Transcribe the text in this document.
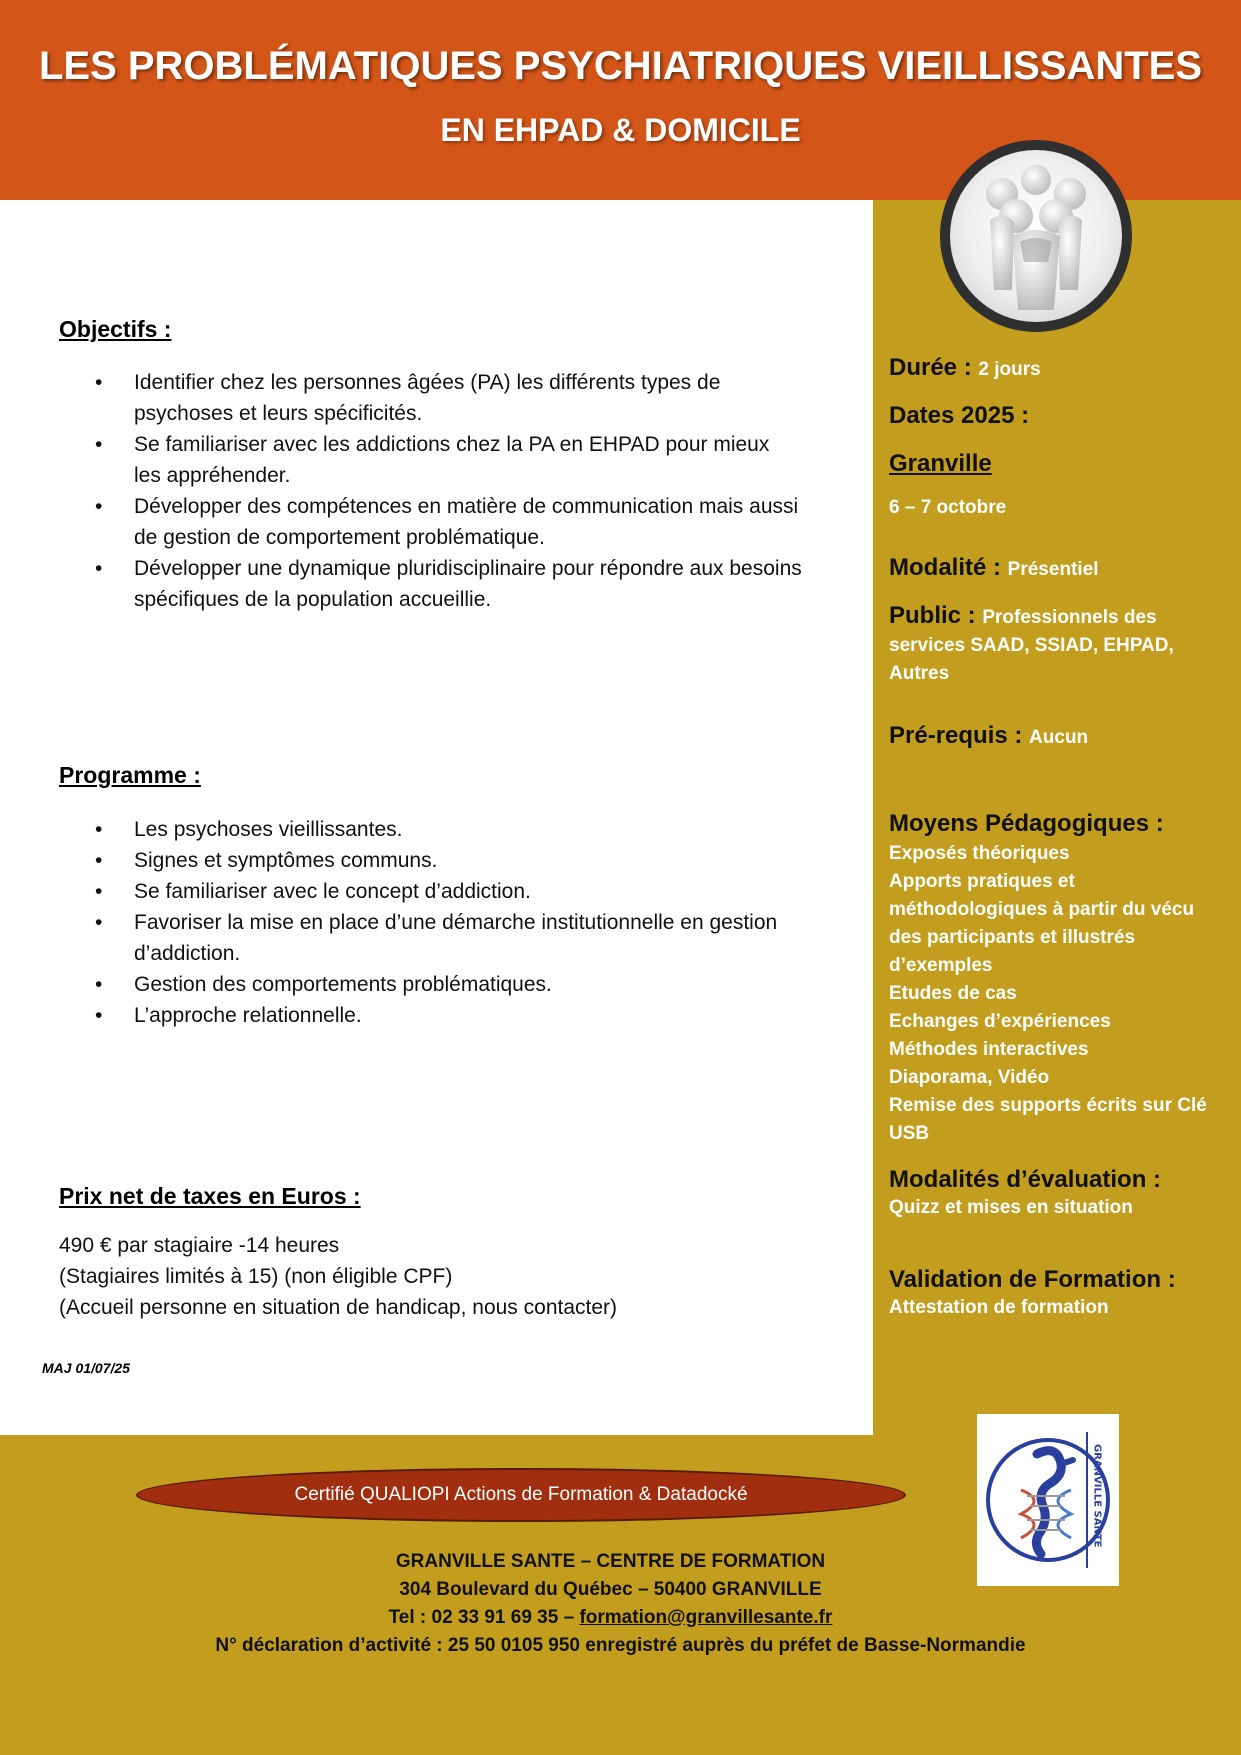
LES PROBLÉMATIQUES PSYCHIATRIQUES VIEILLISSANTES
EN EHPAD & DOMICILE
Objectifs :
• Identifier chez les personnes âgées (PA) les différents types de
psychoses et leurs spécificités.
• Se familiariser avec les addictions chez la PA en EHPAD pour mieux
les appréhender.
• Développer des compétences en matière de communication mais aussi
de gestion de comportement problématique.
• Développer une dynamique pluridisciplinaire pour répondre aux besoins
spécifiques de la population accueillie.
Programme :
• Les psychoses vieillissantes.
• Signes et symptômes communs.
• Se familiariser avec le concept d’addiction.
• Favoriser la mise en place d’une démarche institutionnelle en gestion
d’addiction.
• Gestion des comportements problématiques.
• L’approche relationnelle.
Prix net de taxes en Euros :
490 € par stagiaire -14 heures
(Stagiaires limités à 15) (non éligible CPF)
(Accueil personne en situation de handicap, nous contacter)
MAJ 01/07/25
Durée : 2 jours
Dates 2025 :
Granville
6 – 7 octobre
Modalité : Présentiel
Public : Professionnels des services SAAD, SSIAD, EHPAD, Autres
Pré-requis : Aucun
Moyens Pédagogiques :
Exposés théoriques
Apports pratiques et méthodologiques à partir du vécu des participants et illustrés d’exemples
Etudes de cas
Echanges d’expériences
Méthodes interactives
Diaporama, Vidéo
Remise des supports écrits sur Clé USB
Modalités d’évaluation :
Quizz et mises en situation
Validation de Formation :
Attestation de formation
GRANVILLE SANTE
Certifié QUALIOPI Actions de Formation & Datadocké
GRANVILLE SANTE – CENTRE DE FORMATION
304 Boulevard du Québec – 50400 GRANVILLE
Tel : 02 33 91 69 35 – formation@granvillesante.fr
N° déclaration d’activité : 25 50 0105 950 enregistré auprès du préfet de Basse-Normandie
